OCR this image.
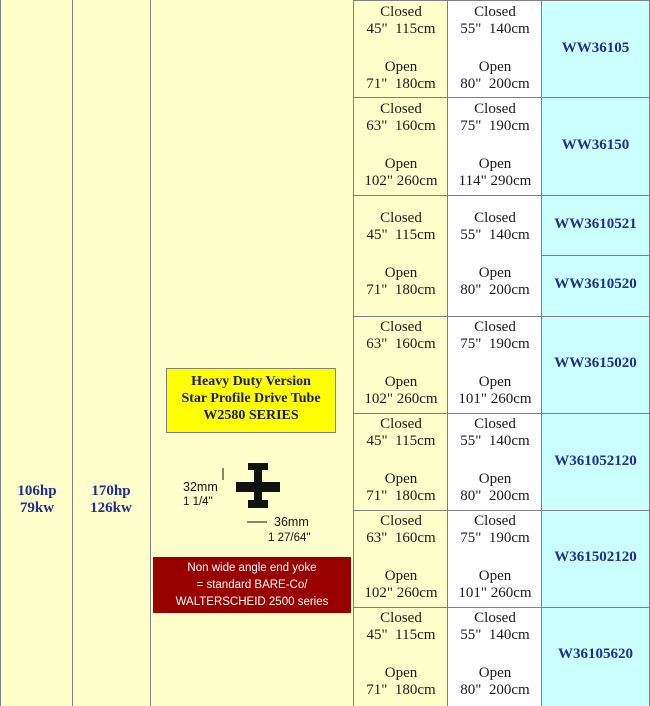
106hp
79kw
170hp
126kw
Heavy Duty Version
Star Profile Drive Tube
W2580 SERIES
32mm
1 1/4"
36mm
1 27/64"
Non wide angle end yoke
= standard BARE-Co/
WALTERSCHEID 2500 series
Closed
45"  115cm
Open
71"  180cm
Closed
55"  140cm
Open
80"  200cm
Closed
63"  160cm
Open
102" 260cm
Closed
75"  190cm
Open
114" 290cm
Closed
45"  115cm
Open
71"  180cm
Closed
55"  140cm
Open
80"  200cm
Closed
63"  160cm
Open
102" 260cm
Closed
75"  190cm
Open
101" 260cm
Closed
45"  115cm
Open
71"  180cm
Closed
55"  140cm
Open
80"  200cm
Closed
63"  160cm
Open
102" 260cm
Closed
75"  190cm
Open
101" 260cm
Closed
45"  115cm
Open
71"  180cm
Closed
55"  140cm
Open
80"  200cm
WW36105
WW36150
WW3610521
WW3610520
WW3615020
W361052120
W361502120
W36105620
